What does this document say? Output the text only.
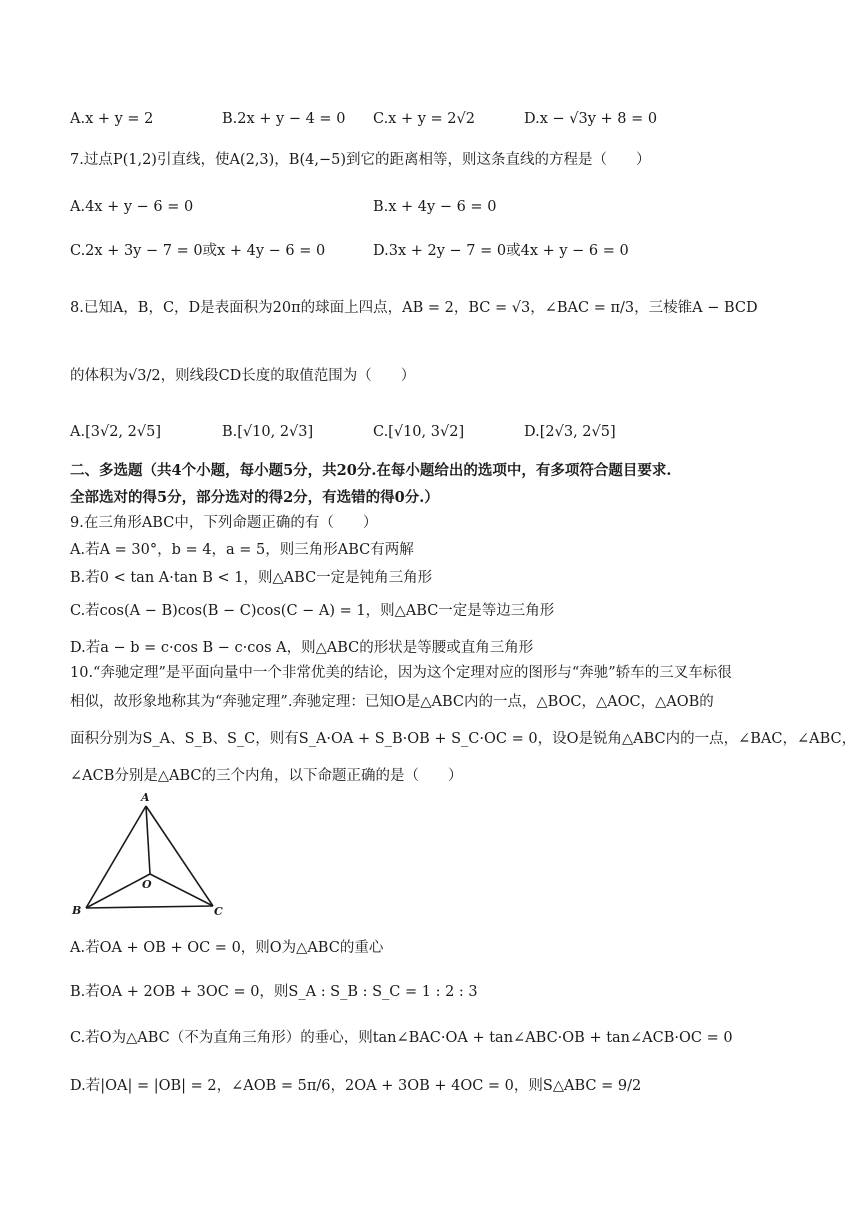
A.x + y = 2	B.2x + y − 4 = 0 C.x + y = 2√2	D.x − √3y + 8 = 0
7.过点P(1,2)引直线，使A(2,3)，B(4,−5)到它的距离相等，则这条直线的方程是（　　）
A.4x + y − 6 = 0	B.x + 4y − 6 = 0
C.2x + 3y − 7 = 0或x + 4y − 6 = 0	D.3x + 2y − 7 = 0或4x + y − 6 = 0
8.已知A，B，C，D是表面积为20π的球面上四点，AB = 2，BC = √3，∠BAC = π/3，三棱锥A − BCD
的体积为√3/2，则线段CD长度的取值范围为（　　）
A.[3√2, 2√5]	B.[√10, 2√3]	C.[√10, 3√2]	D.[2√3, 2√5]
二、多选题（共4个小题，每小题5分，共20分.在每小题给出的选项中，有多项符合题目要求.
全部选对的得5分，部分选对的得2分，有选错的得0分.）
9.在三角形ABC中，下列命题正确的有（　　）
A.若A = 30°，b = 4，a = 5，则三角形ABC有两解
B.若0 < tan A·tan B < 1，则△ABC一定是钝角三角形
C.若cos(A − B)cos(B − C)cos(C − A) = 1，则△ABC一定是等边三角形
D.若a − b = c·cos B − c·cos A，则△ABC的形状是等腰或直角三角形
10.“奔驰定理”是平面向量中一个非常优美的结论，因为这个定理对应的图形与“奔驰”轿车的三叉车标很
相似，故形象地称其为“奔驰定理”.奔驰定理：已知O是△ABC内的一点，△BOC，△AOC，△AOB的
面积分别为S_A、S_B、S_C，则有S_A·OA + S_B·OB + S_C·OC = 0，设O是锐角△ABC内的一点，∠BAC，∠ABC，
∠ACB分别是△ABC的三个内角，以下命题正确的是（　　）
A
B	C
O
A.若OA + OB + OC = 0，则O为△ABC的重心
B.若OA + 2OB + 3OC = 0，则S_A : S_B : S_C = 1 : 2 : 3
C.若O为△ABC（不为直角三角形）的垂心，则tan∠BAC·OA + tan∠ABC·OB + tan∠ACB·OC = 0
D.若|OA| = |OB| = 2，∠AOB = 5π/6，2OA + 3OB + 4OC = 0，则S△ABC = 9/2
